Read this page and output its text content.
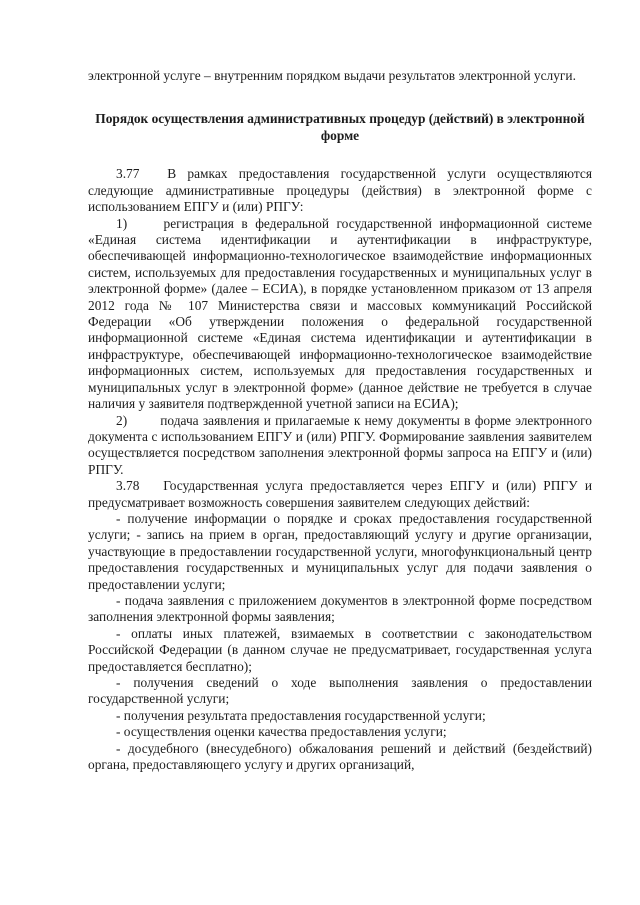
электронной услуге – внутренним порядком выдачи результатов электронной услуги.

Порядок осуществления административных процедур (действий) в электронной форме

3.77 В рамках предоставления государственной услуги осуществляются следующие административные процедуры (действия) в электронной форме с использованием ЕПГУ и (или) РПГУ:

1)	регистрация в федеральной государственной информационной системе «Единая система идентификации и аутентификации в инфраструктуре, обеспечивающей информационно-технологическое взаимодействие информационных систем, используемых для предоставления государственных и муниципальных услуг в электронной форме» (далее – ЕСИА), в порядке установленном приказом от 13 апреля 2012 года № 107 Министерства связи и массовых коммуникаций Российской Федерации «Об утверждении положения о федеральной государственной информационной системе «Единая система идентификации и аутентификации в инфраструктуре, обеспечивающей информационно-технологическое взаимодействие информационных систем, используемых для предоставления государственных и муниципальных услуг в электронной форме» (данное действие не требуется в случае наличия у заявителя подтвержденной учетной записи на ЕСИА);

2) подача заявления и прилагаемые к нему документы в форме электронного документа с использованием ЕПГУ и (или) РПГУ. Формирование заявления заявителем осуществляется посредством заполнения электронной формы запроса на ЕПГУ и (или) РПГУ.

3.78 Государственная услуга предоставляется через ЕПГУ и (или) РПГУ и предусматривает возможность совершения заявителем следующих действий:

- получение информации о порядке и сроках предоставления государственной услуги; - запись на прием в орган, предоставляющий услугу и другие организации, участвующие в предоставлении государственной услуги, многофункциональный центр предоставления государственных и муниципальных услуг для подачи заявления о предоставлении услуги;

- подача заявления с приложением документов в электронной форме посредством заполнения электронной формы заявления;

- оплаты иных платежей, взимаемых в соответствии с законодательством Российской Федерации (в данном случае не предусматривает, государственная услуга предоставляется бесплатно);

- получения сведений о ходе выполнения заявления о предоставлении государственной услуги;

- получения результата предоставления государственной услуги;

- осуществления оценки качества предоставления услуги;

- досудебного (внесудебного) обжалования решений и действий (бездействий) органа, предоставляющего услугу и других организаций,
